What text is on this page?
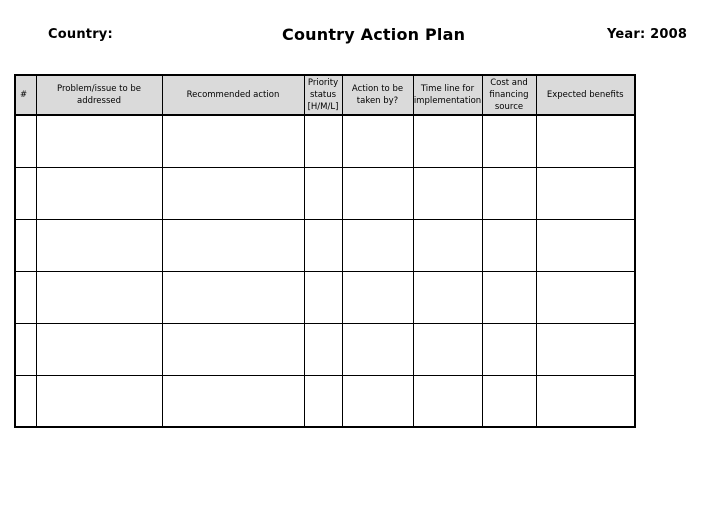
Country:	Country Action Plan	Year: 2008
#	Problem/issue to be addressed	Recommended action	Priority status [H/M/L]	Action to be taken by?	Time line for implementation	Cost and financing source	Expected benefits
